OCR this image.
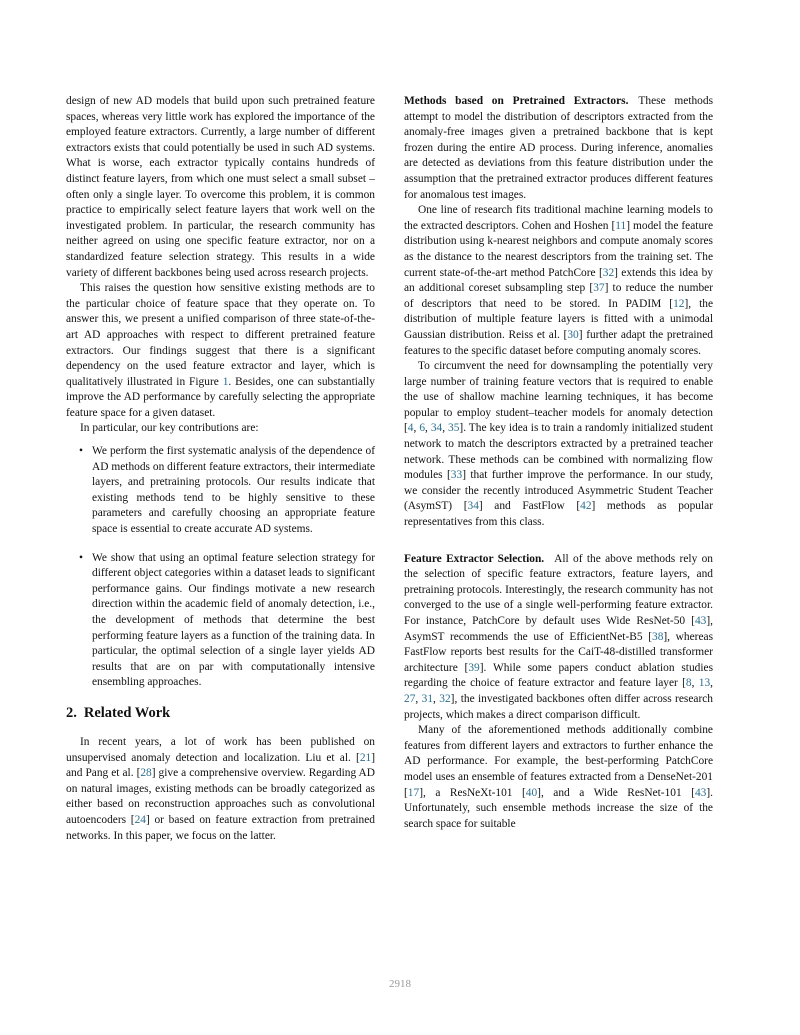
design of new AD models that build upon such pretrained feature spaces, whereas very little work has explored the importance of the employed feature extractors. Currently, a large number of different extractors exists that could potentially be used in such AD systems. What is worse, each extractor typically contains hundreds of distinct feature layers, from which one must select a small subset – often only a single layer. To overcome this problem, it is common practice to empirically select feature layers that work well on the investigated problem. In particular, the research community has neither agreed on using one specific feature extractor, nor on a standardized feature selection strategy. This results in a wide variety of different backbones being used across research projects.

This raises the question how sensitive existing methods are to the particular choice of feature space that they operate on. To answer this, we present a unified comparison of three state-of-the-art AD approaches with respect to different pretrained feature extractors. Our findings suggest that there is a significant dependency on the used feature extractor and layer, which is qualitatively illustrated in Figure 1. Besides, one can substantially improve the AD performance by carefully selecting the appropriate feature space for a given dataset.

In particular, our key contributions are:

• We perform the first systematic analysis of the dependence of AD methods on different feature extractors, their intermediate layers, and pretraining protocols. Our results indicate that existing methods tend to be highly sensitive to these parameters and carefully choosing an appropriate feature space is essential to create accurate AD systems.
• We show that using an optimal feature selection strategy for different object categories within a dataset leads to significant performance gains. Our findings motivate a new research direction within the academic field of anomaly detection, i.e., the development of methods that determine the best performing feature layers as a function of the training data. In particular, the optimal selection of a single layer yields AD results that are on par with computationally intensive ensembling approaches.
2. Related Work

In recent years, a lot of work has been published on unsupervised anomaly detection and localization. Liu et al. [21] and Pang et al. [28] give a comprehensive overview. Regarding AD on natural images, existing methods can be broadly categorized as either based on reconstruction approaches such as convolutional autoencoders [24] or based on feature extraction from pretrained networks. In this paper, we focus on the latter.

Methods based on Pretrained Extractors. These methods attempt to model the distribution of descriptors extracted from the anomaly-free images given a pretrained backbone that is kept frozen during the entire AD process. During inference, anomalies are detected as deviations from this feature distribution under the assumption that the pretrained extractor produces different features for anomalous test images.

One line of research fits traditional machine learning models to the extracted descriptors. Cohen and Hoshen [11] model the feature distribution using k-nearest neighbors and compute anomaly scores as the distance to the nearest descriptors from the training set. The current state-of-the-art method PatchCore [32] extends this idea by an additional coreset subsampling step [37] to reduce the number of descriptors that need to be stored. In PADIM [12], the distribution of multiple feature layers is fitted with a unimodal Gaussian distribution. Reiss et al. [30] further adapt the pretrained features to the specific dataset before computing anomaly scores.

To circumvent the need for downsampling the potentially very large number of training feature vectors that is required to enable the use of shallow machine learning techniques, it has become popular to employ student–teacher models for anomaly detection [4, 6, 34, 35]. The key idea is to train a randomly initialized student network to match the descriptors extracted by a pretrained teacher network. These methods can be combined with normalizing flow modules [33] that further improve the performance. In our study, we consider the recently introduced Asymmetric Student Teacher (AsymST) [34] and FastFlow [42] methods as popular representatives from this class.

Feature Extractor Selection. All of the above methods rely on the selection of specific feature extractors, feature layers, and pretraining protocols. Interestingly, the research community has not converged to the use of a single well-performing feature extractor. For instance, PatchCore by default uses Wide ResNet-50 [43], AsymST recommends the use of EfficientNet-B5 [38], whereas FastFlow reports best results for the CaiT-48-distilled transformer architecture [39]. While some papers conduct ablation studies regarding the choice of feature extractor and feature layer [8, 13, 27, 31, 32], the investigated backbones often differ across research projects, which makes a direct comparison difficult.

Many of the aforementioned methods additionally combine features from different layers and extractors to further enhance the AD performance. For example, the best-performing PatchCore model uses an ensemble of features extracted from a DenseNet-201 [17], a ResNeXt-101 [40], and a Wide ResNet-101 [43]. Unfortunately, such ensemble methods increase the size of the search space for suitable

2918
